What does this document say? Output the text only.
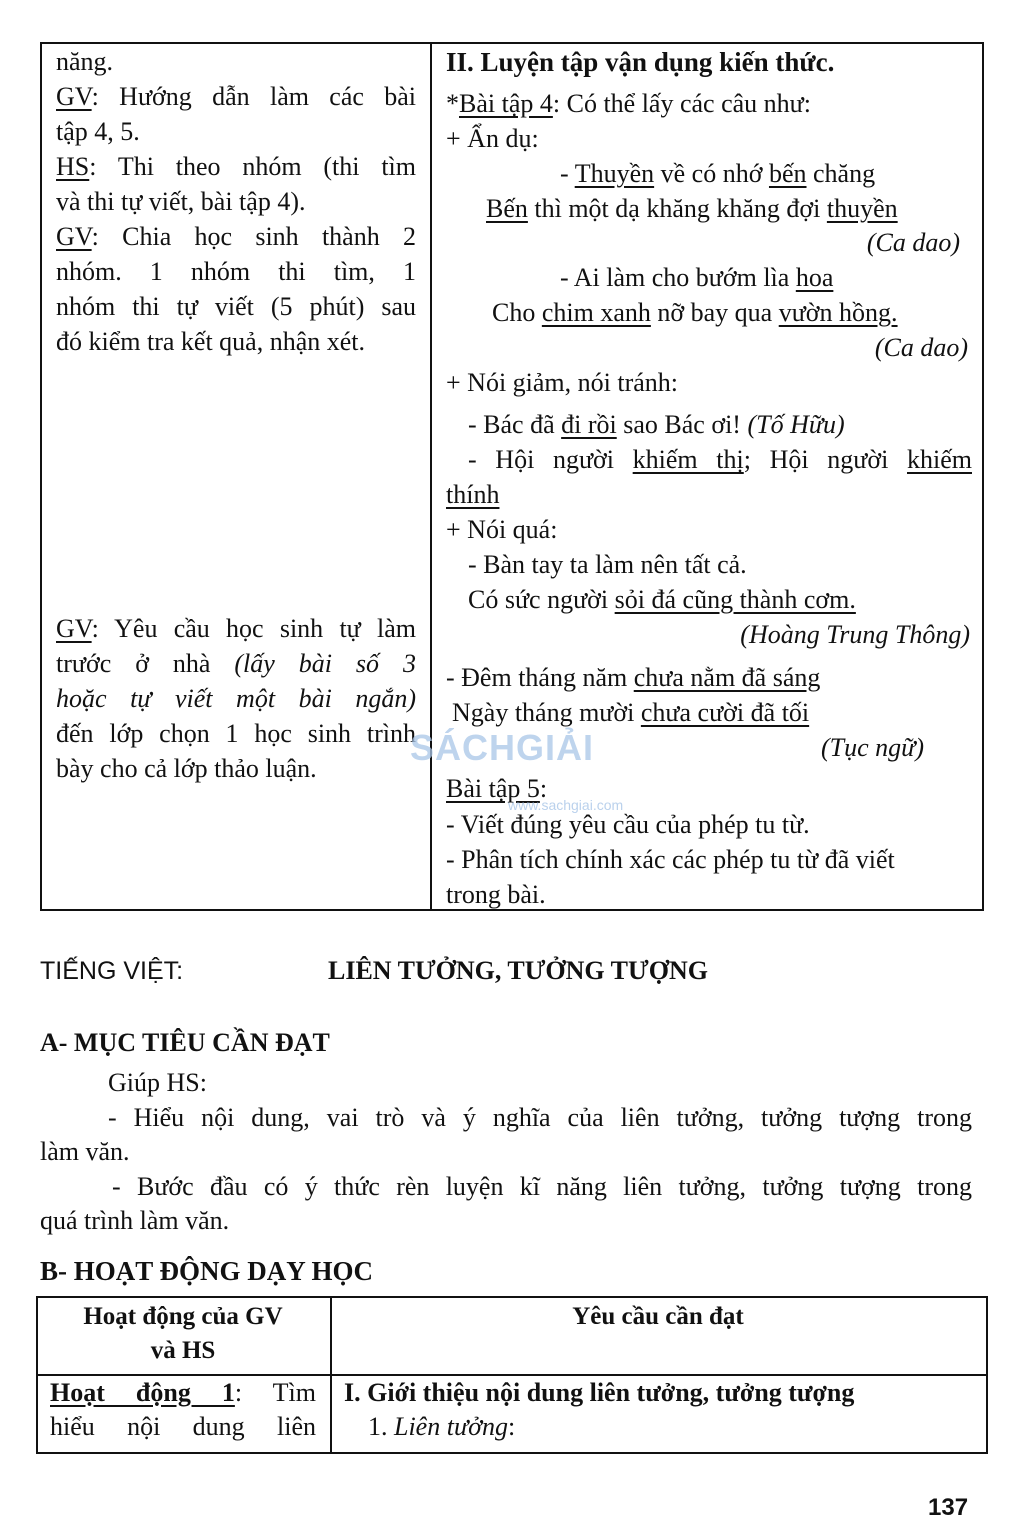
năng.
GV: Hướng dẫn làm các bài
tập 4, 5.
HS: Thi theo nhóm (thi tìm
và thi tự viết, bài tập 4).
GV: Chia học sinh thành 2
nhóm. 1 nhóm thi tìm, 1
nhóm thi tự viết (5 phút) sau
đó kiểm tra kết quả, nhận xét.
GV: Yêu cầu học sinh tự làm
trước ở nhà (lấy bài số 3
hoặc tự viết một bài ngắn)
đến lớp chọn 1 học sinh trình
bày cho cả lớp thảo luận.
II. Luyện tập vận dụng kiến thức.
*Bài tập 4: Có thể lấy các câu như:
+ Ẩn dụ:
- Thuyền về có nhớ bến chăng
Bến thì một dạ khăng khăng đợi thuyền
(Ca dao)
- Ai làm cho bướm lìa hoa
Cho chim xanh nỡ bay qua vườn hồng.
(Ca dao)
+ Nói giảm, nói tránh:
- Bác đã đi rồi sao Bác ơi! (Tố Hữu)
- Hội người khiếm thị; Hội người khiếm
thính
+ Nói quá:
- Bàn tay ta làm nên tất cả.
Có sức người sỏi đá cũng thành cơm.
(Hoàng Trung Thông)
- Đêm tháng năm chưa nằm đã sáng
Ngày tháng mười chưa cười đã tối
(Tục ngữ)
Bài tập 5:
- Viết đúng yêu cầu của phép tu từ.
- Phân tích chính xác các phép tu từ đã viết
trong bài.
SÁCHGIẢI
www.sachgiai.com
TIẾNG VIỆT:	LIÊN TƯỞNG, TƯỞNG TƯỢNG
A- MỤC TIÊU CẦN ĐẠT
Giúp HS:
- Hiểu nội dung, vai trò và ý nghĩa của liên tưởng, tưởng tượng trong
làm văn.
- Bước đầu có ý thức rèn luyện kĩ năng liên tưởng, tưởng tượng trong
quá trình làm văn.
B- HOẠT ĐỘNG DẠY HỌC
Hoạt động của GV
và HS
Yêu cầu cần đạt
Hoạt động 1: Tìm
hiểu nội dung liên
I. Giới thiệu nội dung liên tưởng, tưởng tượng
1. Liên tưởng:
137
